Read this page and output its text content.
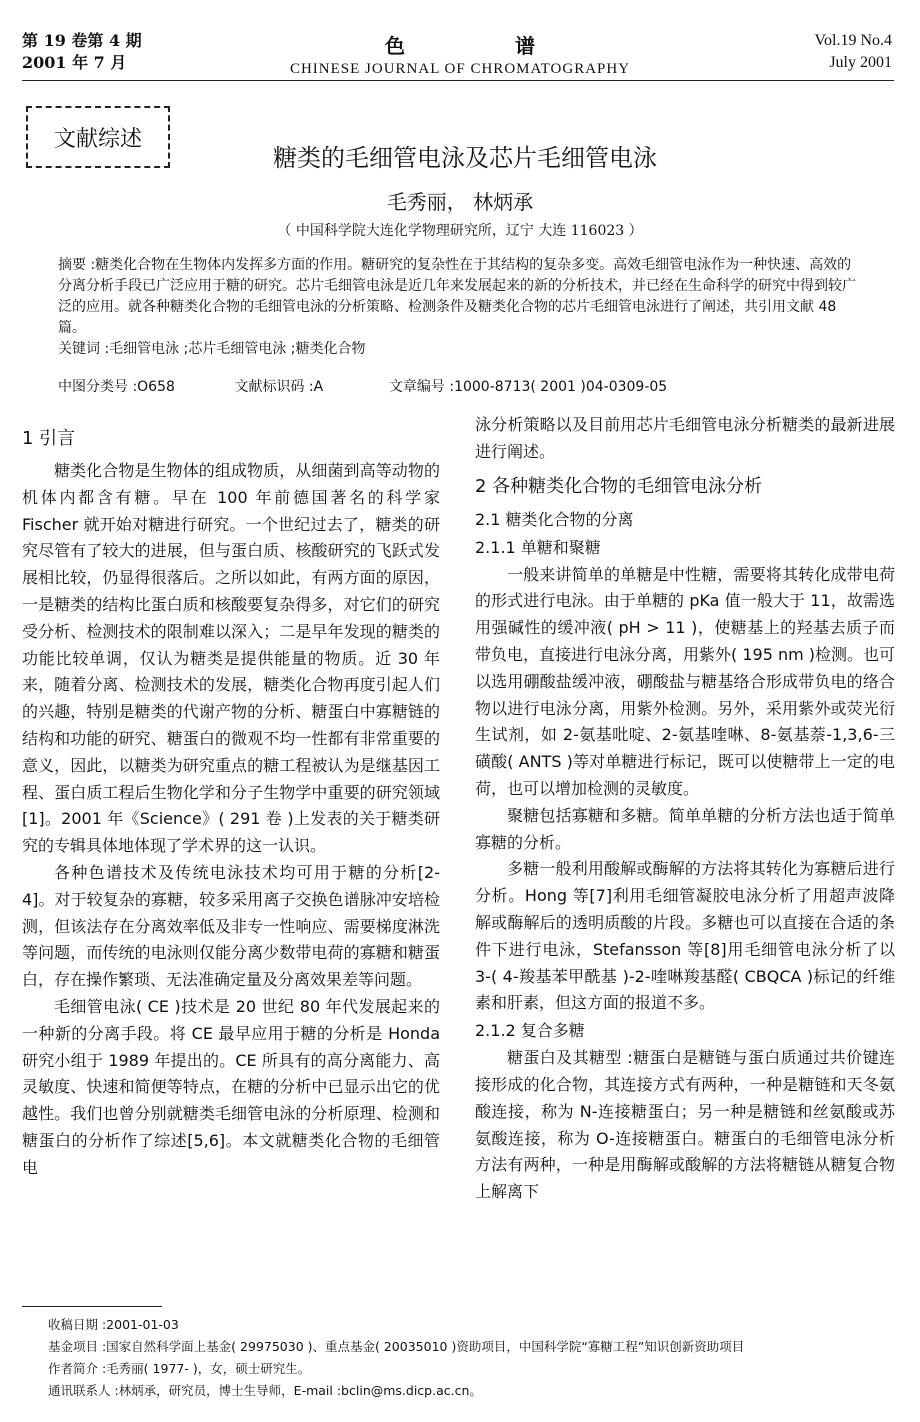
第 19 卷第 4 期
2001 年 7 月
色谱
CHINESE JOURNAL OF CHROMATOGRAPHY
Vol.19 No.4
July 2001
文献综述
糖类的毛细管电泳及芯片毛细管电泳
毛秀丽， 林炳承
（ 中国科学院大连化学物理研究所，辽宁 大连 116023 ）

摘要 :糖类化合物在生物体内发挥多方面的作用。糖研究的复杂性在于其结构的复杂多变。高效毛细管电泳作为一种快速、高效的分离分析手段已广泛应用于糖的研究。芯片毛细管电泳是近几年来发展起来的新的分析技术，并已经在生命科学的研究中得到较广泛的应用。就各种糖类化合物的毛细管电泳的分析策略、检测条件及糖类化合物的芯片毛细管电泳进行了阐述，共引用文献 48 篇。

关键词 :毛细管电泳 ;芯片毛细管电泳 ;糖类化合物

中图分类号 :O658	文献标识码 :A	文章编号 :1000-8713( 2001 )04-0309-05
1 引言

糖类化合物是生物体的组成物质，从细菌到高等动物的机体内都含有糖。早在 100 年前德国著名的科学家 Fischer 就开始对糖进行研究。一个世纪过去了，糖类的研究尽管有了较大的进展，但与蛋白质、核酸研究的飞跃式发展相比较，仍显得很落后。之所以如此，有两方面的原因，一是糖类的结构比蛋白质和核酸要复杂得多，对它们的研究受分析、检测技术的限制难以深入；二是早年发现的糖类的功能比较单调，仅认为糖类是提供能量的物质。近 30 年来，随着分离、检测技术的发展，糖类化合物再度引起人们的兴趣，特别是糖类的代谢产物的分析、糖蛋白中寡糖链的结构和功能的研究、糖蛋白的微观不均一性都有非常重要的意义，因此，以糖类为研究重点的糖工程被认为是继基因工程、蛋白质工程后生物化学和分子生物学中重要的研究领域[1]。2001 年《Science》( 291 卷 )上发表的关于糖类研究的专辑具体地体现了学术界的这一认识。

各种色谱技术及传统电泳技术均可用于糖的分析[2-4]。对于较复杂的寡糖，较多采用离子交换色谱脉冲安培检测，但该法存在分离效率低及非专一性响应、需要梯度淋洗等问题，而传统的电泳则仅能分离少数带电荷的寡糖和糖蛋白，存在操作繁琐、无法准确定量及分离效果差等问题。

毛细管电泳( CE )技术是 20 世纪 80 年代发展起来的一种新的分离手段。将 CE 最早应用于糖的分析是 Honda 研究小组于 1989 年提出的。CE 所具有的高分离能力、高灵敏度、快速和简便等特点，在糖的分析中已显示出它的优越性。我们也曾分别就糖类毛细管电泳的分析原理、检测和糖蛋白的分析作了综述[5,6]。本文就糖类化合物的毛细管电

泳分析策略以及目前用芯片毛细管电泳分析糖类的最新进展进行阐述。

2 各种糖类化合物的毛细管电泳分析
2.1 糖类化合物的分离
2.1.1 单糖和聚糖

一般来讲简单的单糖是中性糖，需要将其转化成带电荷的形式进行电泳。由于单糖的 pKa 值一般大于 11，故需选用强碱性的缓冲液( pH > 11 )，使糖基上的羟基去质子而带负电，直接进行电泳分离，用紫外( 195 nm )检测。也可以选用硼酸盐缓冲液，硼酸盐与糖基络合形成带负电的络合物以进行电泳分离，用紫外检测。另外，采用紫外或荧光衍生试剂，如 2-氨基吡啶、2-氨基喹啉、8-氨基萘-1,3,6-三磺酸( ANTS )等对单糖进行标记，既可以使糖带上一定的电荷，也可以增加检测的灵敏度。

聚糖包括寡糖和多糖。简单单糖的分析方法也适于简单寡糖的分析。

多糖一般利用酸解或酶解的方法将其转化为寡糖后进行分析。Hong 等[7]利用毛细管凝胶电泳分析了用超声波降解或酶解后的透明质酸的片段。多糖也可以直接在合适的条件下进行电泳，Stefansson 等[8]用毛细管电泳分析了以 3-( 4-羧基苯甲酰基 )-2-喹啉羧基醛( CBQCA )标记的纤维素和肝素，但这方面的报道不多。

2.1.2 复合多糖

糖蛋白及其糖型 :糖蛋白是糖链与蛋白质通过共价键连接形成的化合物，其连接方式有两种，一种是糖链和天冬氨酸连接，称为 N-连接糖蛋白；另一种是糖链和丝氨酸或苏氨酸连接，称为 O-连接糖蛋白。糖蛋白的毛细管电泳分析方法有两种，一种是用酶解或酸解的方法将糖链从糖复合物上解离下

收稿日期 :2001-01-03
基金项目 :国家自然科学面上基金( 29975030 )、重点基金( 20035010 )资助项目，中国科学院“寡糖工程”知识创新资助项目
作者简介 :毛秀丽( 1977- )，女，硕士研究生。
通讯联系人 :林炳承，研究员，博士生导师，E-mail :bclin@ms.dicp.ac.cn。
